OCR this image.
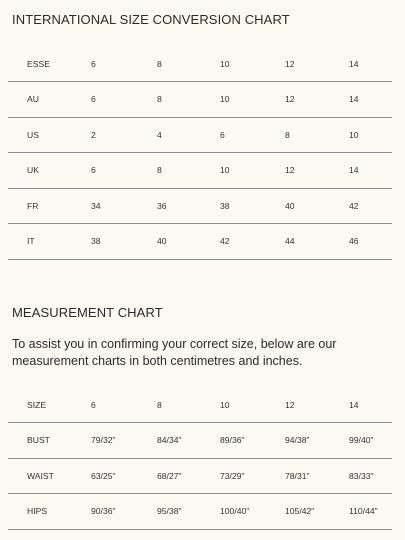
INTERNATIONAL SIZE CONVERSION CHART
ESSE	6	8	10	12	14
AU	6	8	10	12	14
US	2	4	6	8	10
UK	6	8	10	12	14
FR	34	36	38	40	42
IT	38	40	42	44	46
MEASUREMENT CHART
To assist you in confirming your correct size, below are our measurement charts in both centimetres and inches.
SIZE	6	8	10	12	14
BUST	79/32"	84/34"	89/36"	94/38"	99/40"
WAIST	63/25"	68/27"	73/29"	78/31"	83/33"
HIPS	90/36"	95/38"	100/40"	105/42"	110/44"
